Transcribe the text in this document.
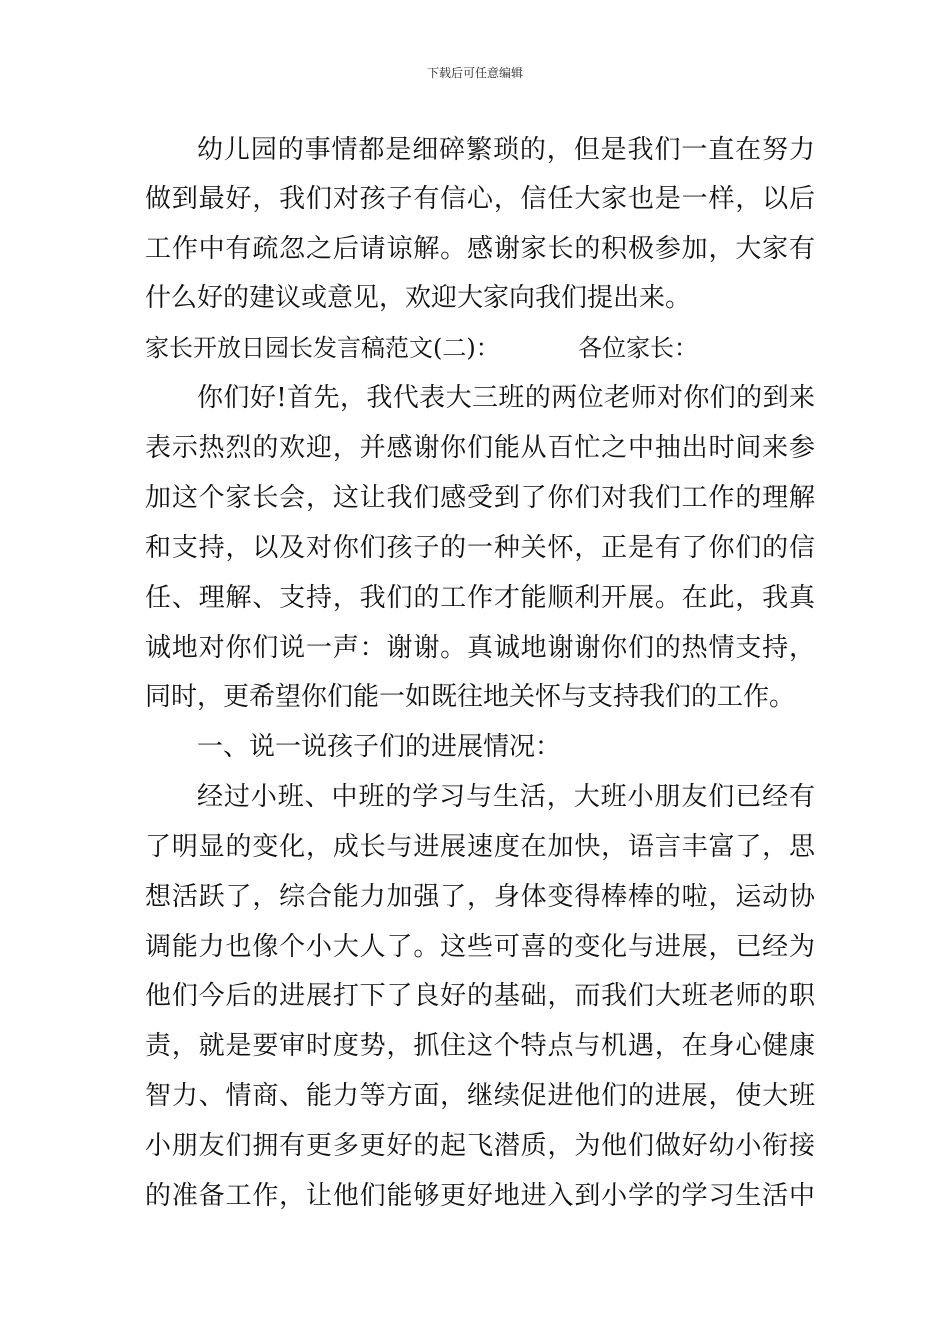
下载后可任意编辑
幼儿园的事情都是细碎繁琐的，但是我们一直在努力
做到最好，我们对孩子有信心，信任大家也是一样，以后
工作中有疏忽之后请谅解。感谢家长的积极参加，大家有
什么好的建议或意见，欢迎大家向我们提出来。
家长开放日园长发言稿范文(二)：	各位家长：
你们好!首先，我代表大三班的两位老师对你们的到来
表示热烈的欢迎，并感谢你们能从百忙之中抽出时间来参
加这个家长会，这让我们感受到了你们对我们工作的理解
和支持，以及对你们孩子的一种关怀，正是有了你们的信
任、理解、支持，我们的工作才能顺利开展。在此，我真
诚地对你们说一声：谢谢。真诚地谢谢你们的热情支持，
同时，更希望你们能一如既往地关怀与支持我们的工作。
一、说一说孩子们的进展情况：
经过小班、中班的学习与生活，大班小朋友们已经有
了明显的变化，成长与进展速度在加快，语言丰富了，思
想活跃了，综合能力加强了，身体变得棒棒的啦，运动协
调能力也像个小大人了。这些可喜的变化与进展，已经为
他们今后的进展打下了良好的基础，而我们大班老师的职
责，就是要审时度势，抓住这个特点与机遇，在身心健康
智力、情商、能力等方面，继续促进他们的进展，使大班
小朋友们拥有更多更好的起飞潜质，为他们做好幼小衔接
的准备工作，让他们能够更好地进入到小学的学习生活中
